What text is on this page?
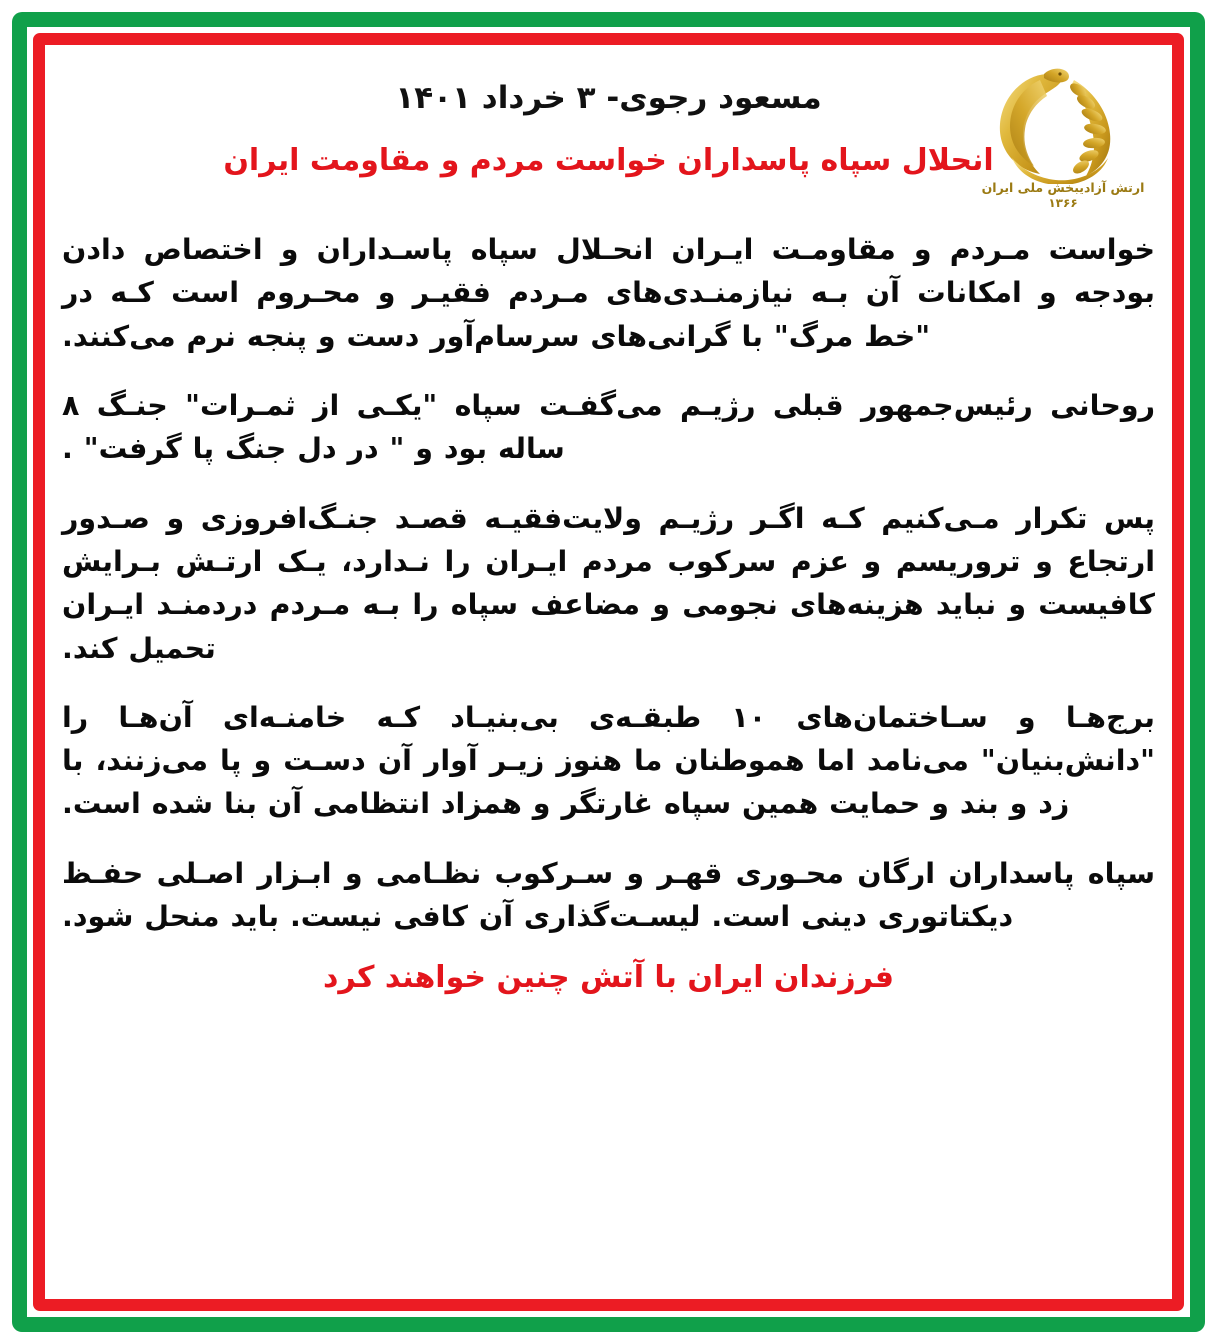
ارتش آزادیبخش ملی ایران
۱۳۶۶
مسعود رجوی- ۳ خرداد ۱۴۰۱
انحلال سپاه پاسداران خواست مردم و مقاومت ایران

خواست مـردم و مقاومـت ایـران انحـلال سپاه پاسـداران و اختصاص دادن بودجه و امکانات آن بـه نیازمنـدی‌های مـردم فقیـر و محـروم است کـه در "خط مرگ" با گرانی‌های سرسام‌آور دست و پنجه نرم می‌کنند.

روحانی رئیس‌جمهور قبلی رژیـم می‌گفـت سپاه "یکـی از ثمـرات" جنـگ ۸ ساله بود و " در دل جنگ پا گرفت" .

پس تکرار مـی‌کنیم کـه اگـر رژیـم ولایت‌فقیـه قصـد جنـگ‌افروزی و صـدور ارتجاع و تروریسم و عزم سرکوب مردم ایـران را نـدارد، یـک ارتـش بـرایش کافیست و نباید هزینه‌های نجومی و مضاعف سپاه را بـه مـردم دردمنـد ایـران تحمیل کند.

برج‌هـا و سـاختمان‌های ۱۰ طبقـه‌ی بی‌بنیـاد کـه خامنـه‌ای آن‌هـا را "دانش‌بنیان" می‌نامد اما هموطنان ما هنوز زیـر آوار آن دسـت و پا می‌زنند، با زد و بند و حمایت همین سپاه غارتگر و همزاد انتظامی آن بنا شده است.

سپاه پاسداران ارگان محـوری قهـر و سـرکوب نظـامی و ابـزار اصـلی حفـظ دیکتاتوری دینی است. لیسـت‌گذاری آن کافی نیست. باید منحل شود.

فرزندان ایران با آتش چنین خواهند کرد
